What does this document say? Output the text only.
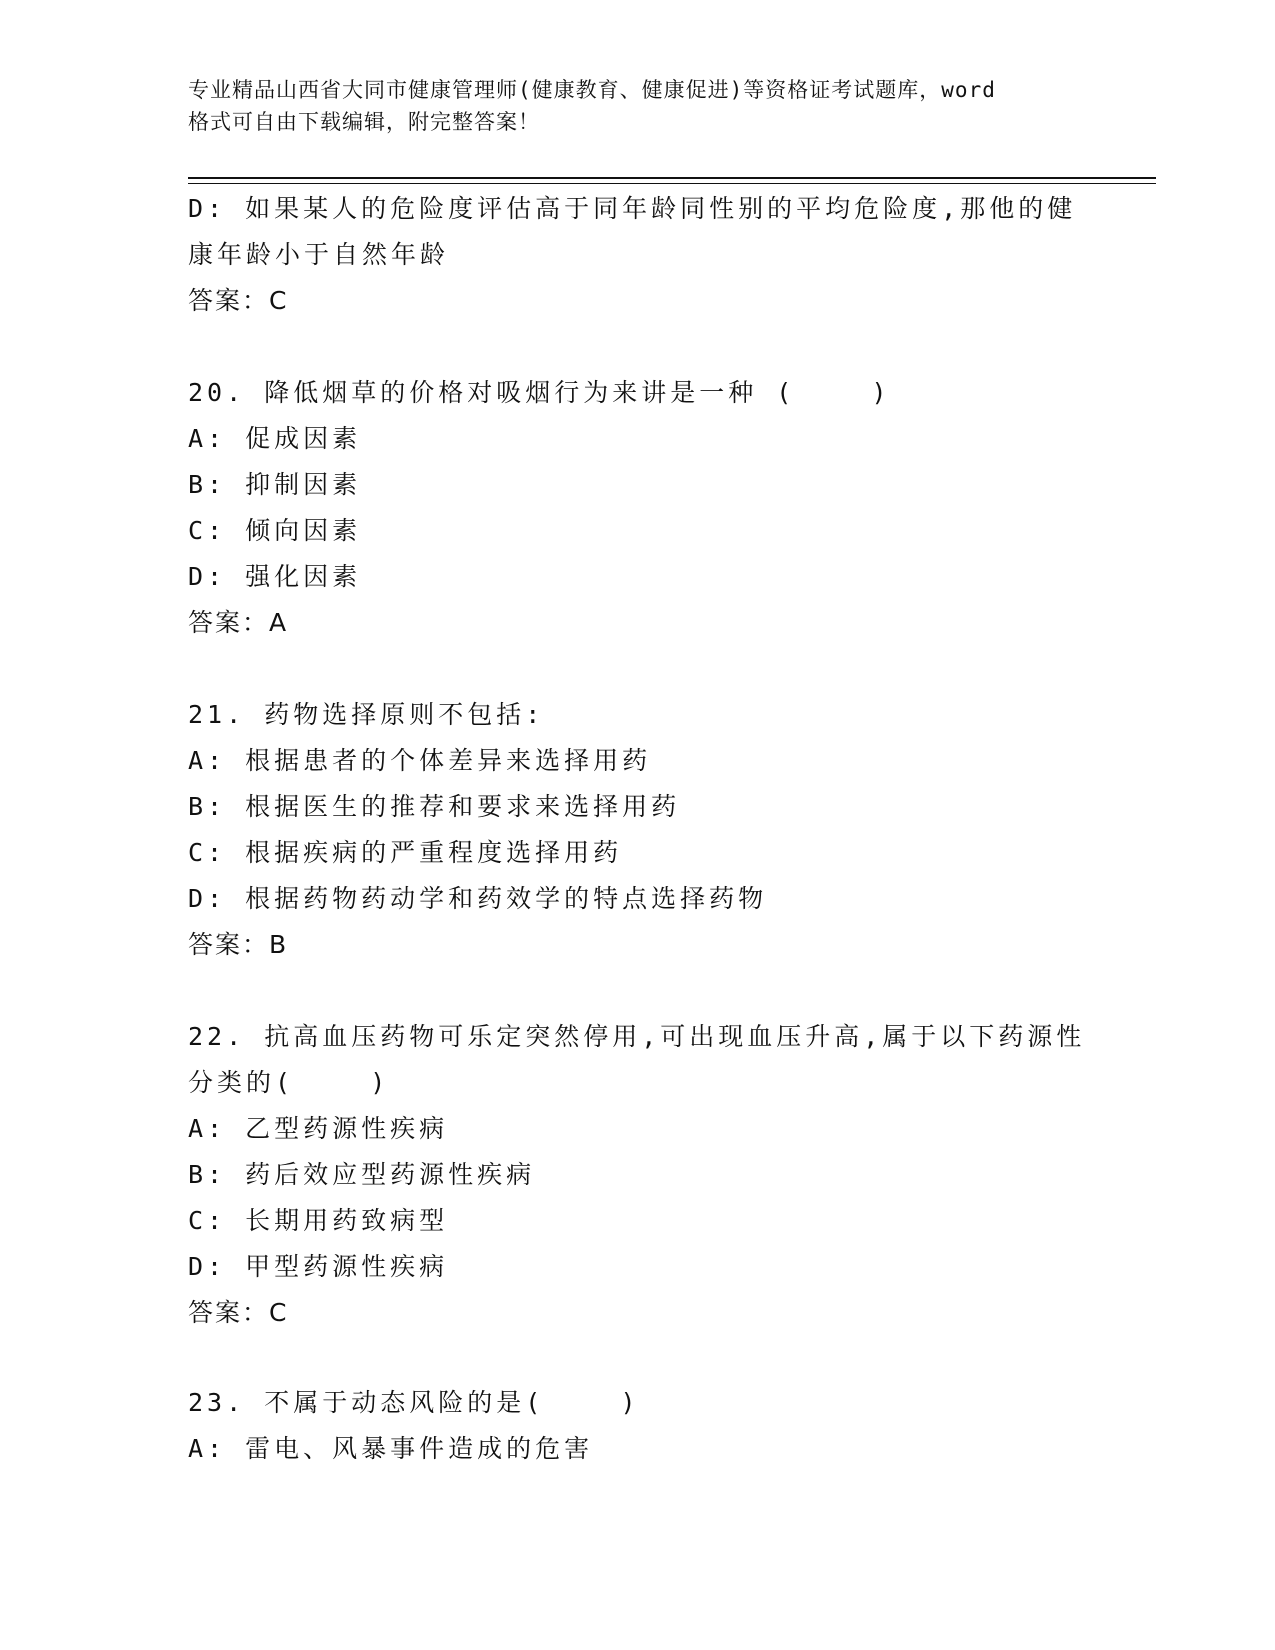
专业精品山西省大同市健康管理师(健康教育、健康促进)等资格证考试题库，word
格式可自由下载编辑，附完整答案！
D: 如果某人的危险度评估高于同年龄同性别的平均危险度,那他的健
康年龄小于自然年龄
答案：C
20. 降低烟草的价格对吸烟行为来讲是一种 (    )
A: 促成因素
B: 抑制因素
C: 倾向因素
D: 强化因素
答案：A
21. 药物选择原则不包括:
A: 根据患者的个体差异来选择用药
B: 根据医生的推荐和要求来选择用药
C: 根据疾病的严重程度选择用药
D: 根据药物药动学和药效学的特点选择药物
答案：B
22. 抗高血压药物可乐定突然停用,可出现血压升高,属于以下药源性
分类的(    )
A: 乙型药源性疾病
B: 药后效应型药源性疾病
C: 长期用药致病型
D: 甲型药源性疾病
答案：C
23. 不属于动态风险的是(    )
A: 雷电、风暴事件造成的危害
